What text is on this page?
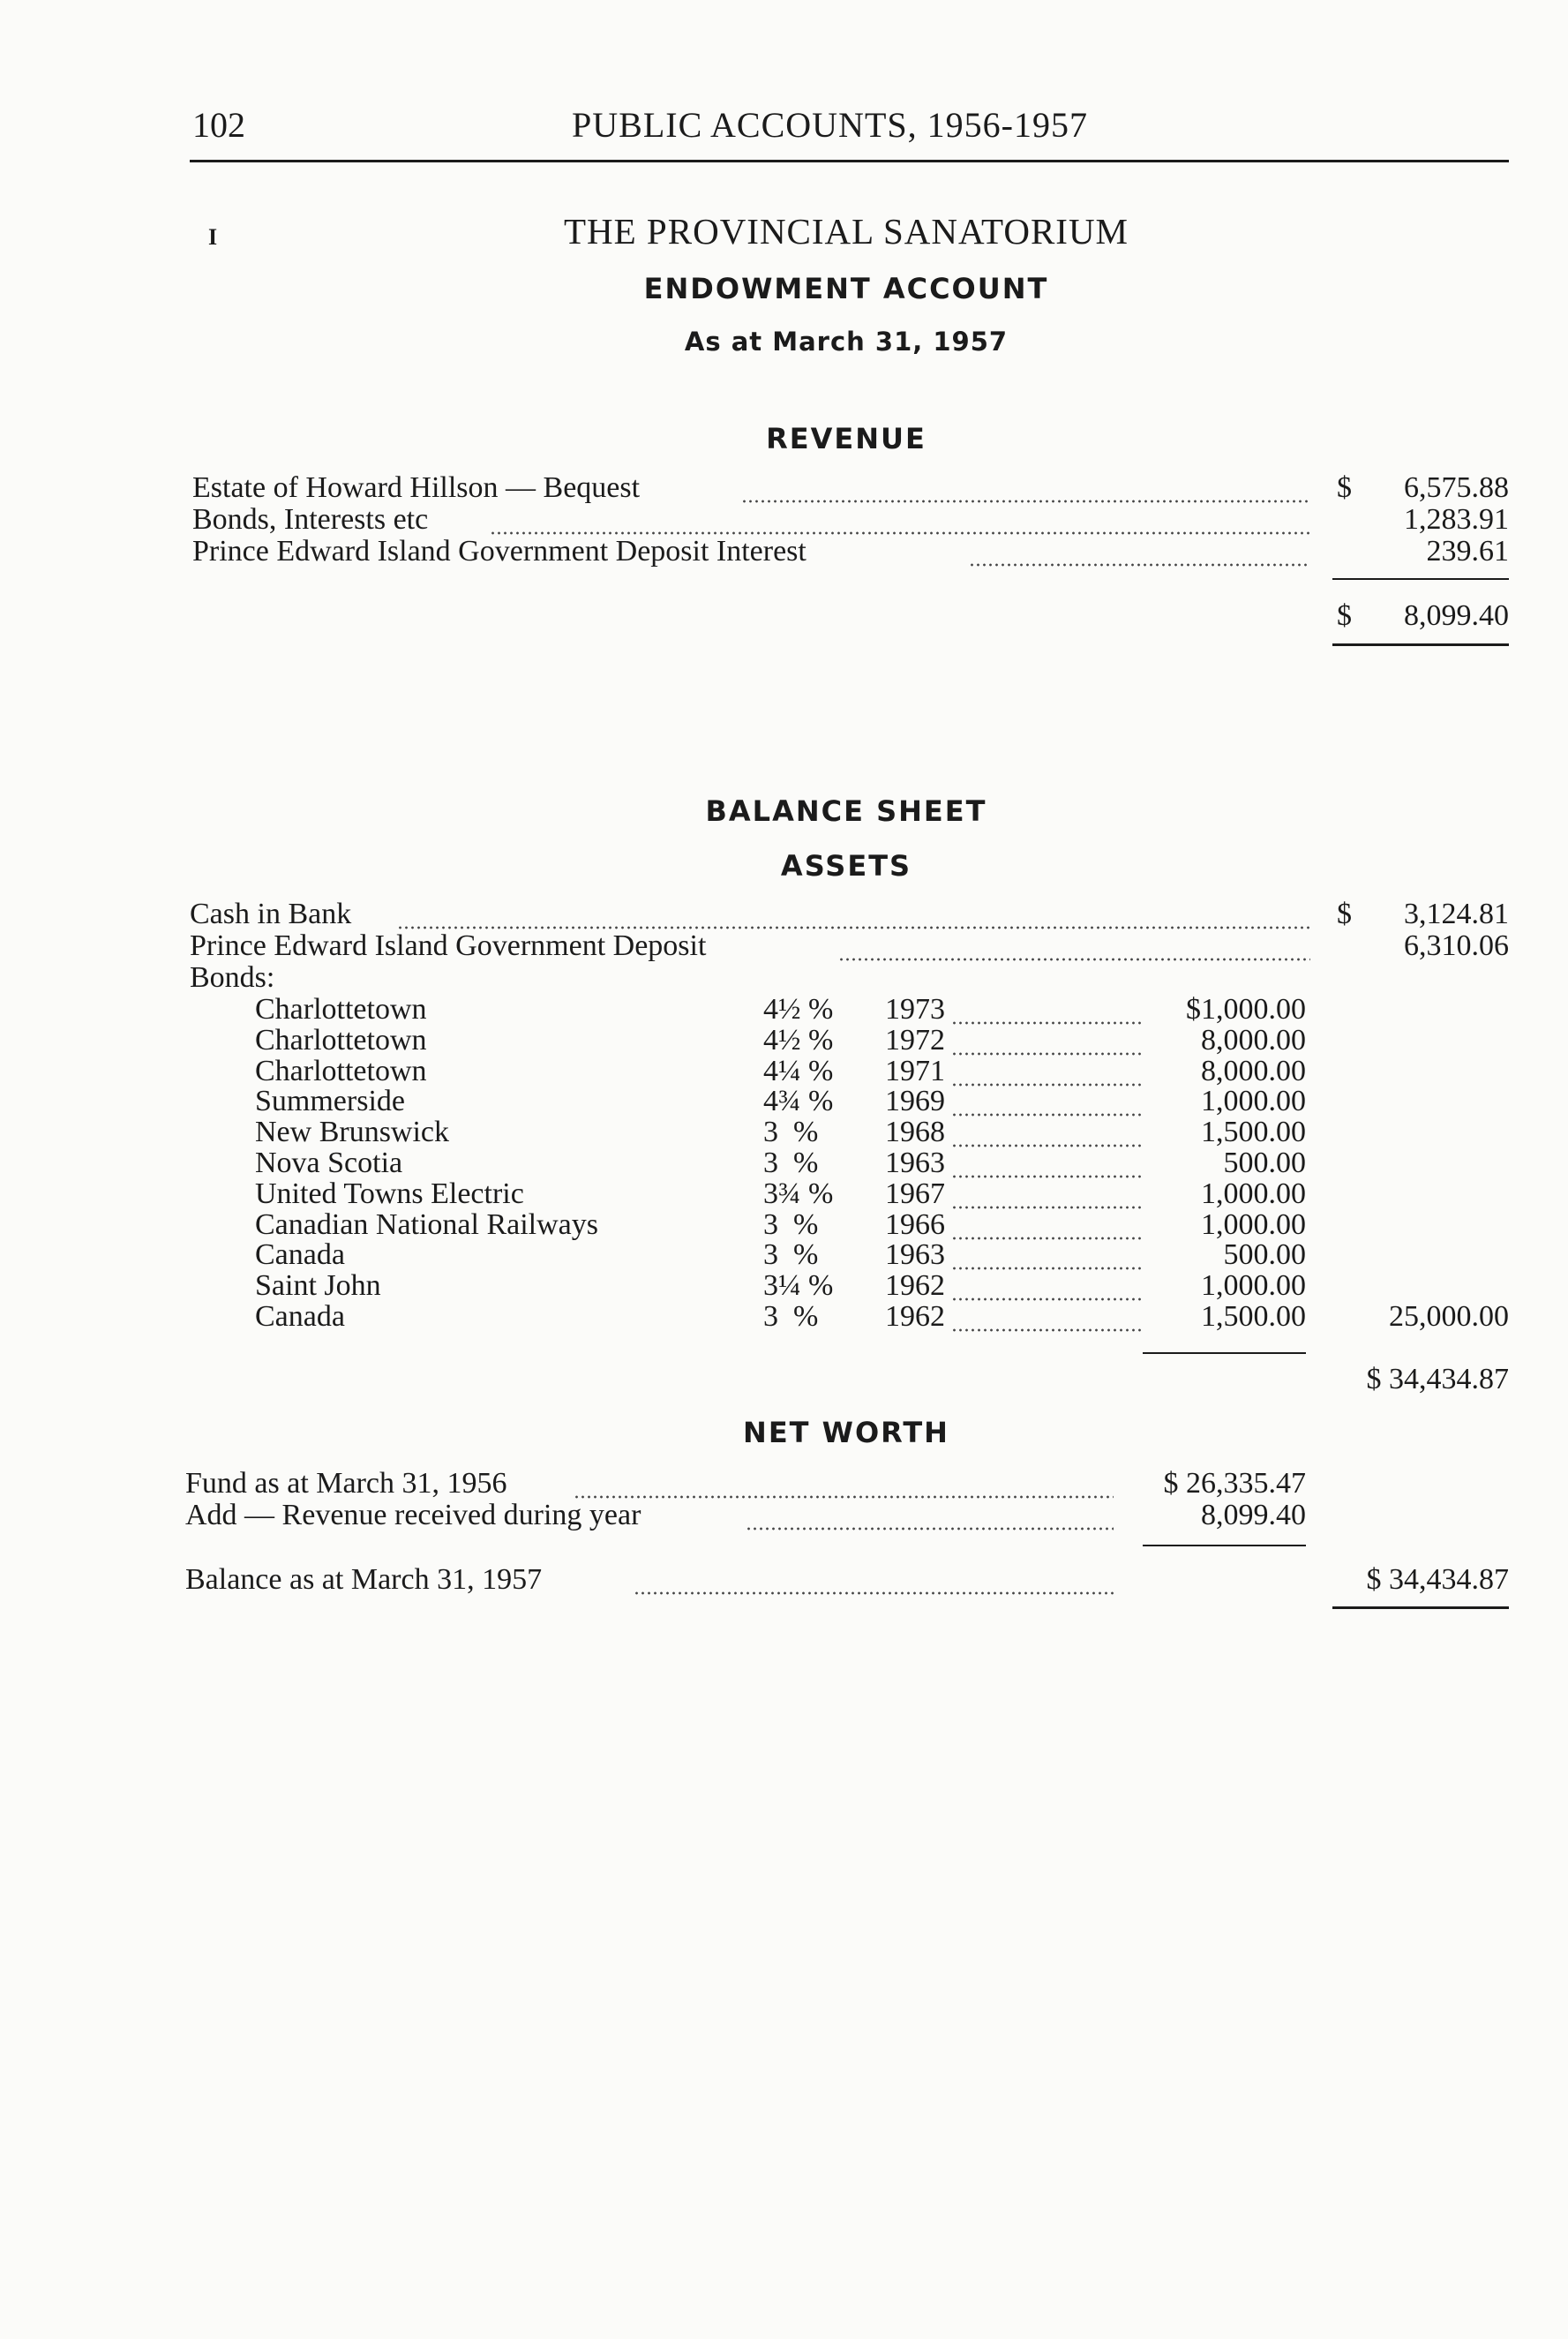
102	PUBLIC ACCOUNTS, 1956-1957
I	THE PROVINCIAL SANATORIUM
ENDOWMENT ACCOUNT
As at March 31, 1957
REVENUE
Estate of Howard Hillson — Bequest	$	6,575.88
Bonds, Interests etc	1,283.91
Prince Edward Island Government Deposit Interest	239.61
$	8,099.40
BALANCE SHEET
ASSETS
Cash in Bank	$	3,124.81
Prince Edward Island Government Deposit	6,310.06
Bonds:
Charlottetown	4½ % 1973	$1,000.00
Charlottetown	4½ % 1972	8,000.00
Charlottetown	4¼ % 1971	8,000.00
Summerside	4¾ % 1969	1,000.00
New Brunswick	3  % 1968	1,500.00
Nova Scotia	3  % 1963	500.00
United Towns Electric	3¾ % 1967	1,000.00
Canadian National Railways	3  % 1966	1,000.00
Canada	3  % 1963	500.00
Saint John	3¼ % 1962	1,000.00
Canada	3  % 1962	1,500.00	25,000.00
$ 34,434.87
NET WORTH
Fund as at March 31, 1956	$ 26,335.47
Add — Revenue received during year	8,099.40
Balance as at March 31, 1957	$ 34,434.87
